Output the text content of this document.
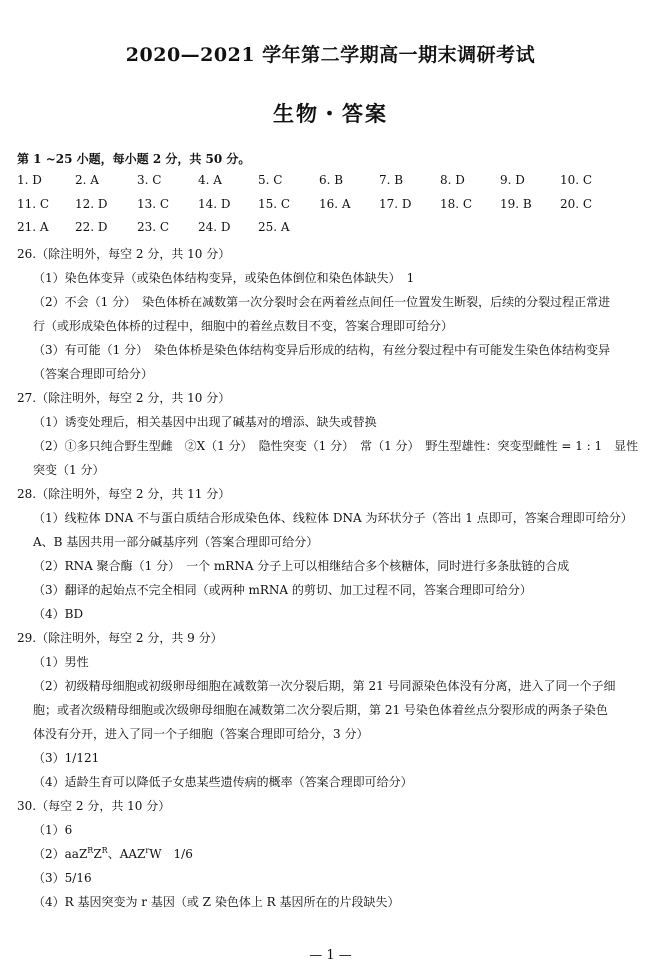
2020—2021 学年第二学期高一期末调研考试
生物・答案
第 1 ~25 小题，每小题 2 分，共 50 分。
1. D	2. A	3. C	4. A	5. C	6. B	7. B	8. D	9. D	10. C
11. C 12. D 13. C 14. D 15. C 16. A 17. D 18. C 19. B 20. C
21. A 22. D 23. C 24. D 25. A
26.（除注明外，每空 2 分，共 10 分）
（1）染色体变异（或染色体结构变异，或染色体倒位和染色体缺失）　1
（2）不会（1 分）　染色体桥在减数第一次分裂时会在两着丝点间任一位置发生断裂，后续的分裂过程正常进
行（或形成染色体桥的过程中，细胞中的着丝点数目不变，答案合理即可给分）
（3）有可能（1 分）　染色体桥是染色体结构变异后形成的结构，有丝分裂过程中有可能发生染色体结构变异
（答案合理即可给分）
27.（除注明外，每空 2 分，共 10 分）
（1）诱变处理后，相关基因中出现了碱基对的增添、缺失或替换
（2）①多只纯合野生型雌　②X（1 分）　隐性突变（1 分）　常（1 分）　野生型雄性：突变型雌性 = 1 : 1　显性
突变（1 分）
28.（除注明外，每空 2 分，共 11 分）
（1）线粒体 DNA 不与蛋白质结合形成染色体、线粒体 DNA 为环状分子（答出 1 点即可，答案合理即可给分）
A、B 基因共用一部分碱基序列（答案合理即可给分）
（2）RNA 聚合酶（1 分）　一个 mRNA 分子上可以相继结合多个核糖体，同时进行多条肽链的合成
（3）翻译的起始点不完全相同（或两种 mRNA 的剪切、加工过程不同，答案合理即可给分）
（4）BD
29.（除注明外，每空 2 分，共 9 分）
（1）男性
（2）初级精母细胞或初级卵母细胞在减数第一次分裂后期，第 21 号同源染色体没有分离，进入了同一个子细
胞；或者次级精母细胞或次级卵母细胞在减数第二次分裂后期，第 21 号染色体着丝点分裂形成的两条子染色
体没有分开，进入了同一个子细胞（答案合理即可给分，3 分）
（3）1/121
（4）适龄生育可以降低子女患某些遗传病的概率（答案合理即可给分）
30.（每空 2 分，共 10 分）
（1）6
$(2)aaZ^RZ^R$、AAZ$^r$W　1/6
（3）5/16
（4）R 基因突变为 r 基因（或 Z 染色体上 R 基因所在的片段缺失）
— 1 —
